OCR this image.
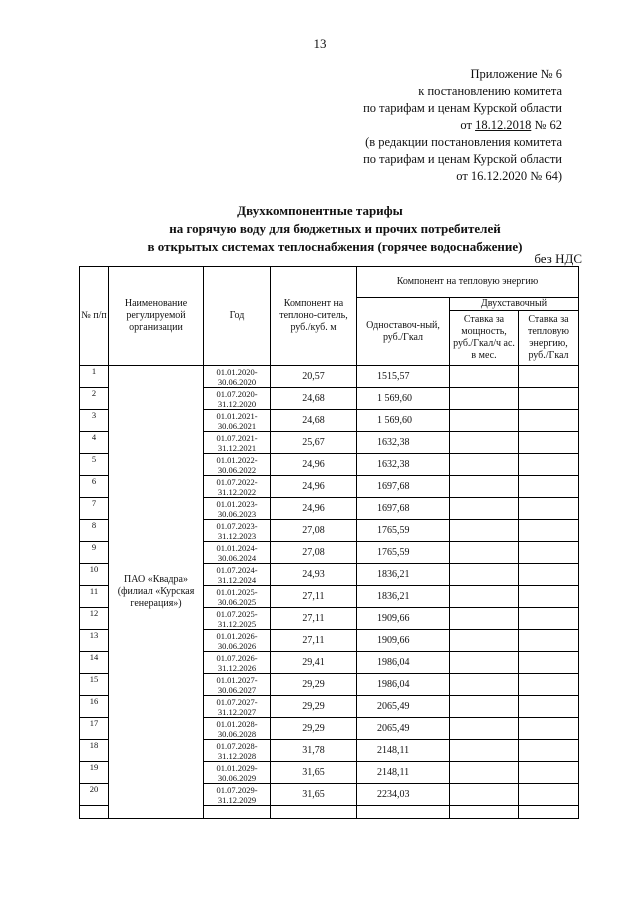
13
Приложение № 6
к постановлению комитета
по тарифам и ценам Курской области
от 18.12.2018 № 62
(в редакции постановления комитета
по тарифам и ценам Курской области
от 16.12.2020 № 64)
Двухкомпонентные тарифы
на горячую воду для бюджетных и прочих потребителей
в открытых системах теплоснабжения (горячее водоснабжение)
без НДС
№ п/п	Наименование регулируемой организации	Год	Компонент на теплоно-ситель, руб./куб. м	Компонент на тепловую энергию		
				Одноставоч-ный, руб./Гкал	Двухставочный	
					Ставка за мощность, руб./Гкал/ч ас. в мес.	Ставка за тепловую энергию, руб./Гкал
1	ПАО «Квадра» (филиал «Курская генерация»)	01.01.2020-30.06.2020	20,57	1515,57		
2		01.07.2020-31.12.2020	24,68	1 569,60		
3		01.01.2021-30.06.2021	24,68	1 569,60		
4		01.07.2021-31.12.2021	25,67	1632,38		
5		01.01.2022-30.06.2022	24,96	1632,38		
6		01.07.2022-31.12.2022	24,96	1697,68		
7		01.01.2023-30.06.2023	24,96	1697,68		
8		01.07.2023-31.12.2023	27,08	1765,59		
9		01.01.2024-30.06.2024	27,08	1765,59		
10		01.07.2024-31.12.2024	24,93	1836,21		
11		01.01.2025-30.06.2025	27,11	1836,21		
12		01.07.2025-31.12.2025	27,11	1909,66		
13		01.01.2026-30.06.2026	27,11	1909,66		
14		01.07.2026-31.12.2026	29,41	1986,04		
15		01.01.2027-30.06.2027	29,29	1986,04		
16		01.07.2027-31.12.2027	29,29	2065,49		
17		01.01.2028-30.06.2028	29,29	2065,49		
18		01.07.2028-31.12.2028	31,78	2148,11		
19		01.01.2029-30.06.2029	31,65	2148,11		
20		01.07.2029-31.12.2029	31,65	2234,03		
